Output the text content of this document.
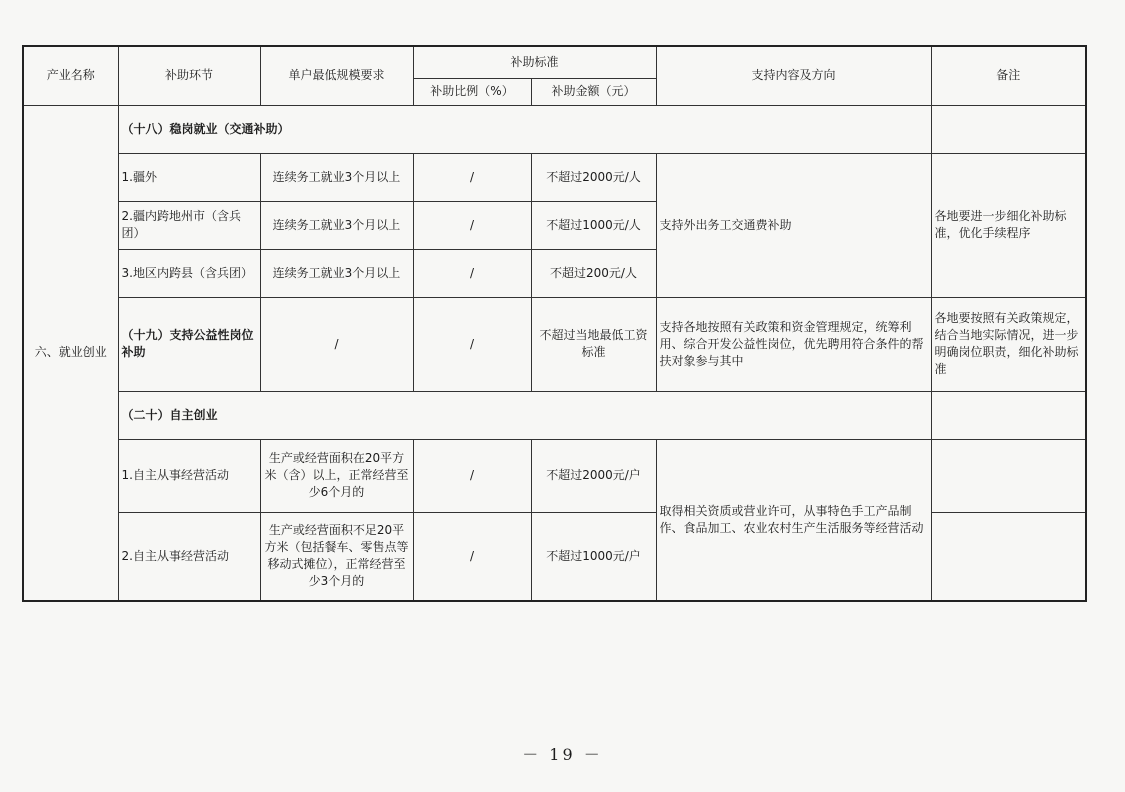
产业名称	补助环节	单户最低规模要求	补助标准		支持内容及方向	备注
			补助比例（%）	补助金额（元）		
六、就业创业	（十八）稳岗就业（交通补助）					
	1.疆外	连续务工就业3个月以上	/	不超过2000元/人	支持外出务工交通费补助	各地要进一步细化补助标准，优化手续程序
	2.疆内跨地州市（含兵团）	连续务工就业3个月以上	/	不超过1000元/人		
	3.地区内跨县（含兵团）	连续务工就业3个月以上	/	不超过200元/人		
	（十九）支持公益性岗位补助	/	/	不超过当地最低工资标准	支持各地按照有关政策和资金管理规定，统筹利用、综合开发公益性岗位，优先聘用符合条件的帮扶对象参与其中	各地要按照有关政策规定，结合当地实际情况，进一步明确岗位职责，细化补助标准
	（二十）自主创业					
	1.自主从事经营活动	生产或经营面积在20平方米（含）以上，正常经营至少6个月的	/	不超过2000元/户	取得相关资质或营业许可，从事特色手工产品制作、食品加工、农业农村生产生活服务等经营活动	
	2.自主从事经营活动	生产或经营面积不足20平方米（包括餐车、零售点等移动式摊位），正常经营至少3个月的	/	不超过1000元/户		
－ 19 －
